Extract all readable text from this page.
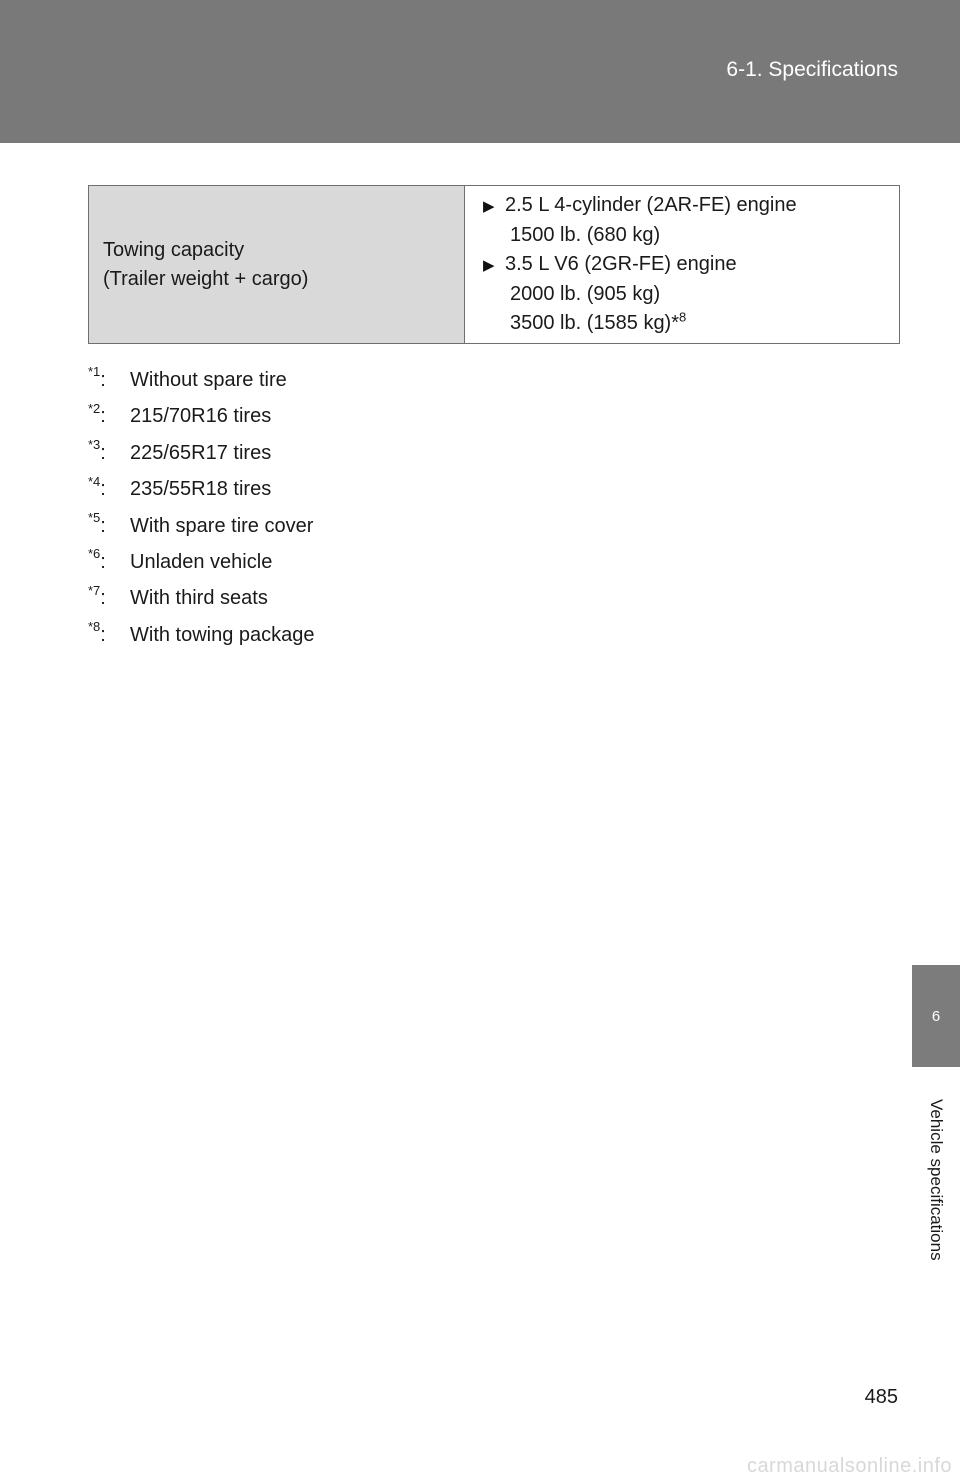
6-1. Specifications
Towing capacity
(Trailer weight + cargo)

▶ 2.5 L 4-cylinder (2AR-FE) engine
1500 lb. (680 kg)
▶ 3.5 L V6 (2GR-FE) engine
2000 lb. (905 kg)
3500 lb. (1585 kg)*$^8$
$^{*1}$:	Without spare tire
$^{*2}$:	215/70R16 tires
$^{*3}$:	225/65R17 tires
$^{*4}$:	235/55R18 tires
$^{*5}$:	With spare tire cover
$^{*6}$:	Unladen vehicle
$^{*7}$:	With third seats
$^{*8}$:	With towing package
6
Vehicle specifications
485
carmanualsonline.info
